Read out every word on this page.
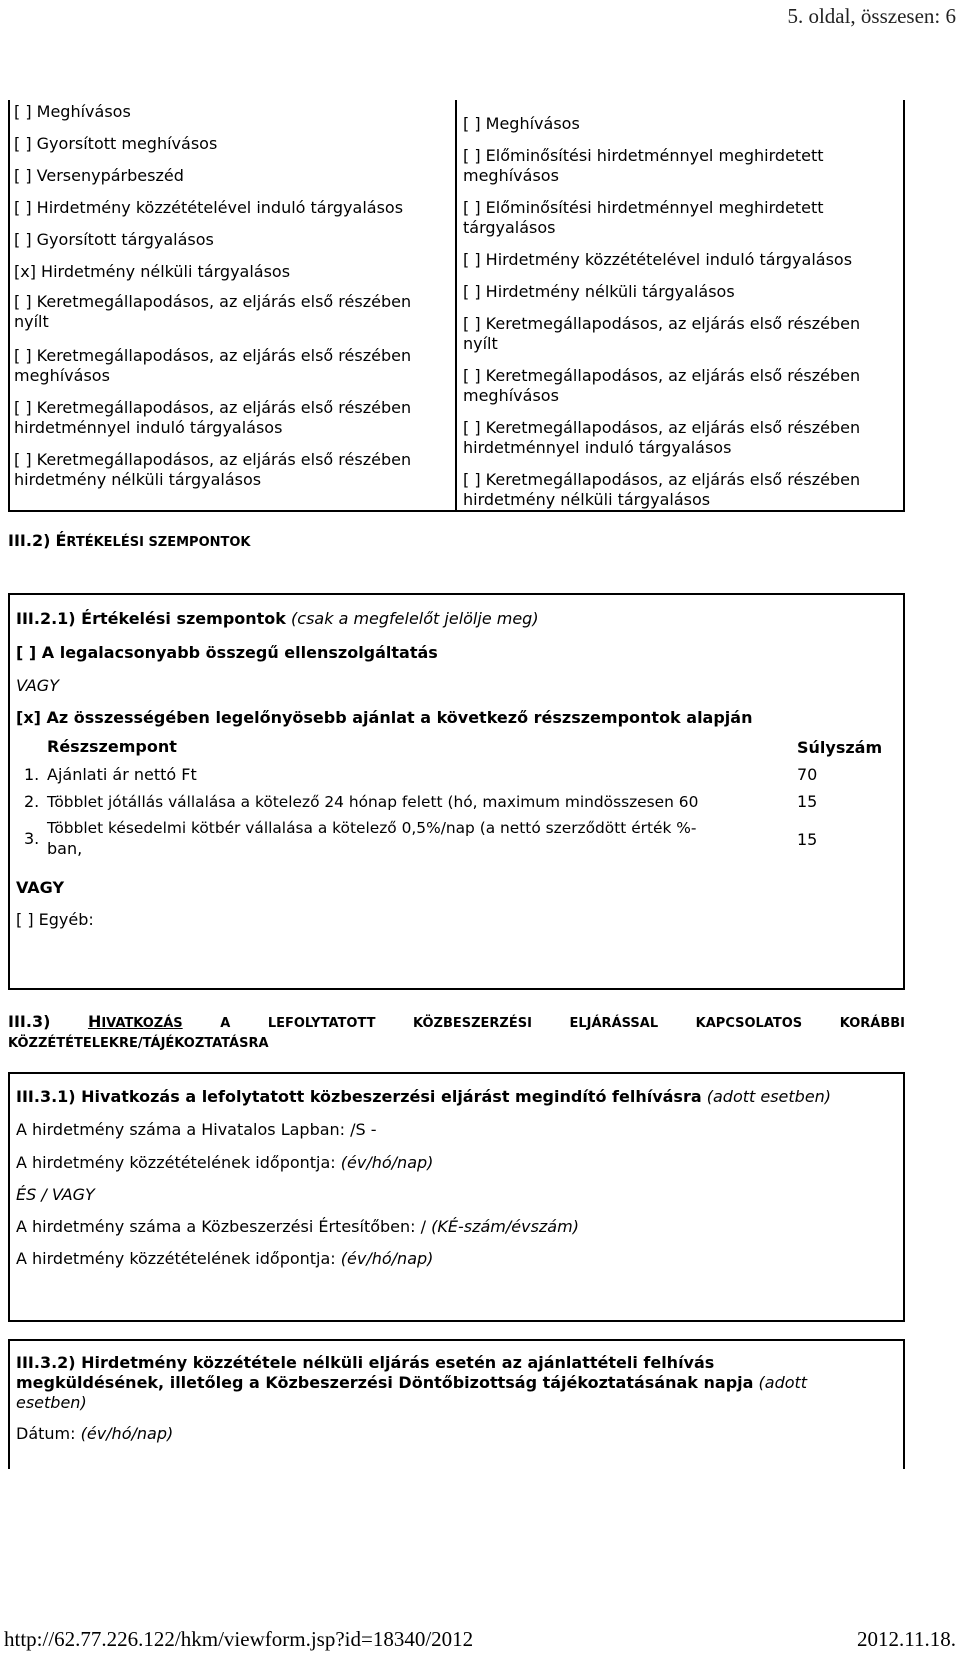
5. oldal, összesen: 6
[ ] Meghívásos
[ ] Gyorsított meghívásos
[ ] Versenypárbeszéd
[ ] Hirdetmény közzétételével induló tárgyalásos
[ ] Gyorsított tárgyalásos
[x] Hirdetmény nélküli tárgyalásos
[ ] Keretmegállapodásos, az eljárás első részében
nyílt
[ ] Keretmegállapodásos, az eljárás első részében
meghívásos
[ ] Keretmegállapodásos, az eljárás első részében
hirdetménnyel induló tárgyalásos
[ ] Keretmegállapodásos, az eljárás első részében
hirdetmény nélküli tárgyalásos
[ ] Meghívásos
[ ] Előminősítési hirdetménnyel meghirdetett
meghívásos
[ ] Előminősítési hirdetménnyel meghirdetett
tárgyalásos
[ ] Hirdetmény közzétételével induló tárgyalásos
[ ] Hirdetmény nélküli tárgyalásos
[ ] Keretmegállapodásos, az eljárás első részében
nyílt
[ ] Keretmegállapodásos, az eljárás első részében
meghívásos
[ ] Keretmegállapodásos, az eljárás első részében
hirdetménnyel induló tárgyalásos
[ ] Keretmegállapodásos, az eljárás első részében
hirdetmény nélküli tárgyalásos
III.2) ÉRTÉKELÉSI SZEMPONTOK
III.2.1) Értékelési szempontok (csak a megfelelőt jelölje meg)
[ ] A legalacsonyabb összegű ellenszolgáltatás
VAGY
[x] Az összességében legelőnyösebb ajánlat a következő részszempontok alapján
Részszempont	Súlyszám
1. Ajánlati ár nettó Ft	70
2. Többlet jótállás vállalása a kötelező 24 hónap felett (hó, maximum mindösszesen 60	15
3.
Többlet késedelmi kötbér vállalása a kötelező 0,5%/nap (a nettó szerződött érték %-
ban,	15
VAGY
[ ] Egyéb:
III.3) HIVATKOZÁS	A	LEFOLYTATOTT	KÖZBESZERZÉSI	ELJÁRÁSSAL	KAPCSOLATOS	KORÁBBI
KÖZZÉTÉTELEKRE/TÁJÉKOZTATÁSRA
III.3.1) Hivatkozás a lefolytatott közbeszerzési eljárást megindító felhívásra (adott esetben)
A hirdetmény száma a Hivatalos Lapban: /S -
A hirdetmény közzétételének időpontja: (év/hó/nap)
ÉS / VAGY
A hirdetmény száma a Közbeszerzési Értesítőben: / (KÉ-szám/évszám)
A hirdetmény közzétételének időpontja: (év/hó/nap)
III.3.2) Hirdetmény közzététele nélküli eljárás esetén az ajánlattételi felhívás
megküldésének, illetőleg a Közbeszerzési Döntőbizottság tájékoztatásának napja (adott
esetben)
Dátum: (év/hó/nap)
http://62.77.226.122/hkm/viewform.jsp?id=18340/2012	2012.11.18.
